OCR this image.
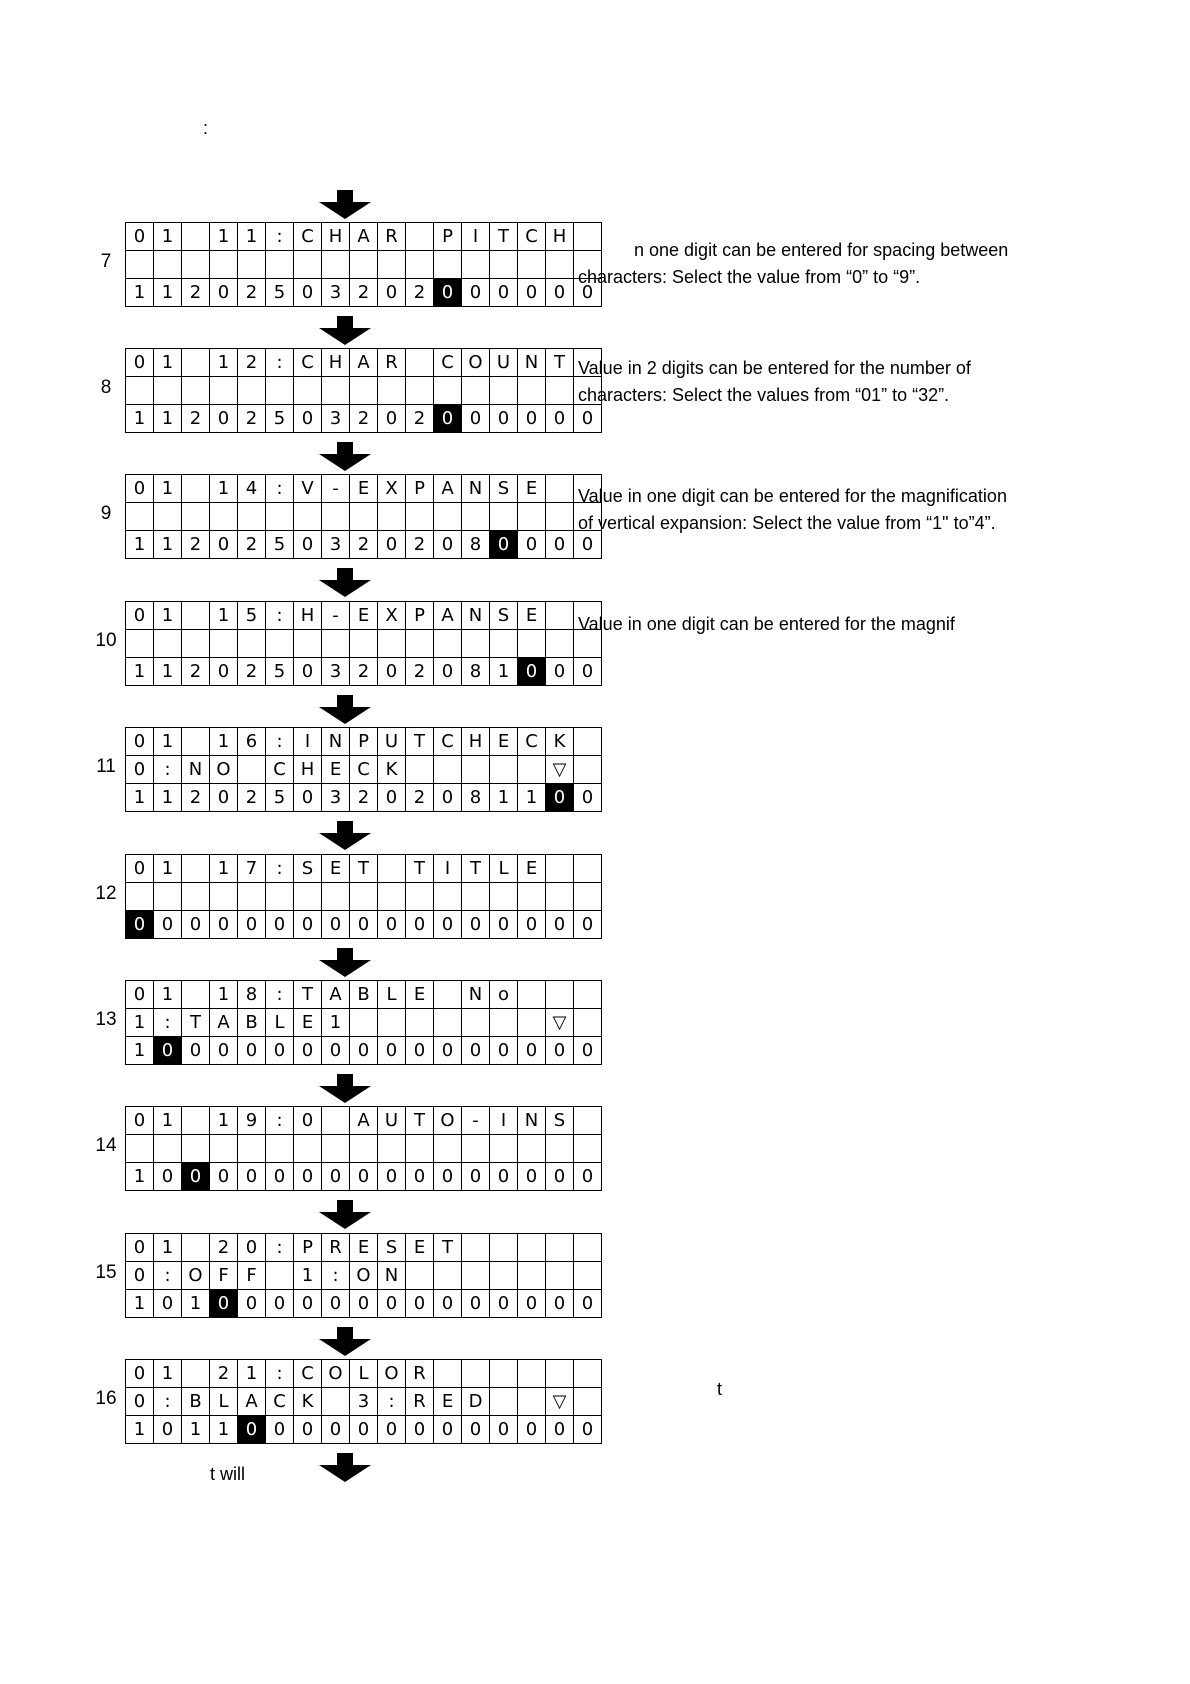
:
7
0	1		1	1	:	C	H	A	R		P	I	T	C	H	

1	1	2	0	2	5	0	3	2	0	2	0	0	0	0	0	0
8
0	1		1	2	:	C	H	A	R		C	O	U	N	T	

1	1	2	0	2	5	0	3	2	0	2	0	0	0	0	0	0
9
0	1		1	4	:	V	-	E	X	P	A	N	S	E		

1	1	2	0	2	5	0	3	2	0	2	0	8	0	0	0	0
10
0	1		1	5	:	H	-	E	X	P	A	N	S	E		

1	1	2	0	2	5	0	3	2	0	2	0	8	1	0	0	0
11
0	1		1	6	:	I	N	P	U	T	C	H	E	C	K	
0	:	N	O		C	H	E	C	K						▽	
1	1	2	0	2	5	0	3	2	0	2	0	8	1	1	0	0
12
0	1		1	7	:	S	E	T		T	I	T	L	E		

0	0	0	0	0	0	0	0	0	0	0	0	0	0	0	0	0
13
0	1		1	8	:	T	A	B	L	E		N	o			
1	:	T	A	B	L	E	1								▽	
1	0	0	0	0	0	0	0	0	0	0	0	0	0	0	0	0
14
0	1		1	9	:	0		A	U	T	O	-	I	N	S	

1	0	0	0	0	0	0	0	0	0	0	0	0	0	0	0	0
15
0	1		2	0	:	P	R	E	S	E	T					
0	:	O	F	F		1	:	O	N							
1	0	1	0	0	0	0	0	0	0	0	0	0	0	0	0	0
16
0	1		2	1	:	C	O	L	O	R						
0	:	B	L	A	C	K		3	:	R	E	D			▽	
1	0	1	1	0	0	0	0	0	0	0	0	0	0	0	0	0
n one digit can be entered for spacing between
characters: Select the value from “0” to “9”.
Value in 2 digits can be entered for the number of
characters: Select the values from “01” to “32”.
Value in one digit can be entered for the magnification
of vertical expansion: Select the value from “1" to”4”.
Value in one digit can be entered for the magnif
t
t will
